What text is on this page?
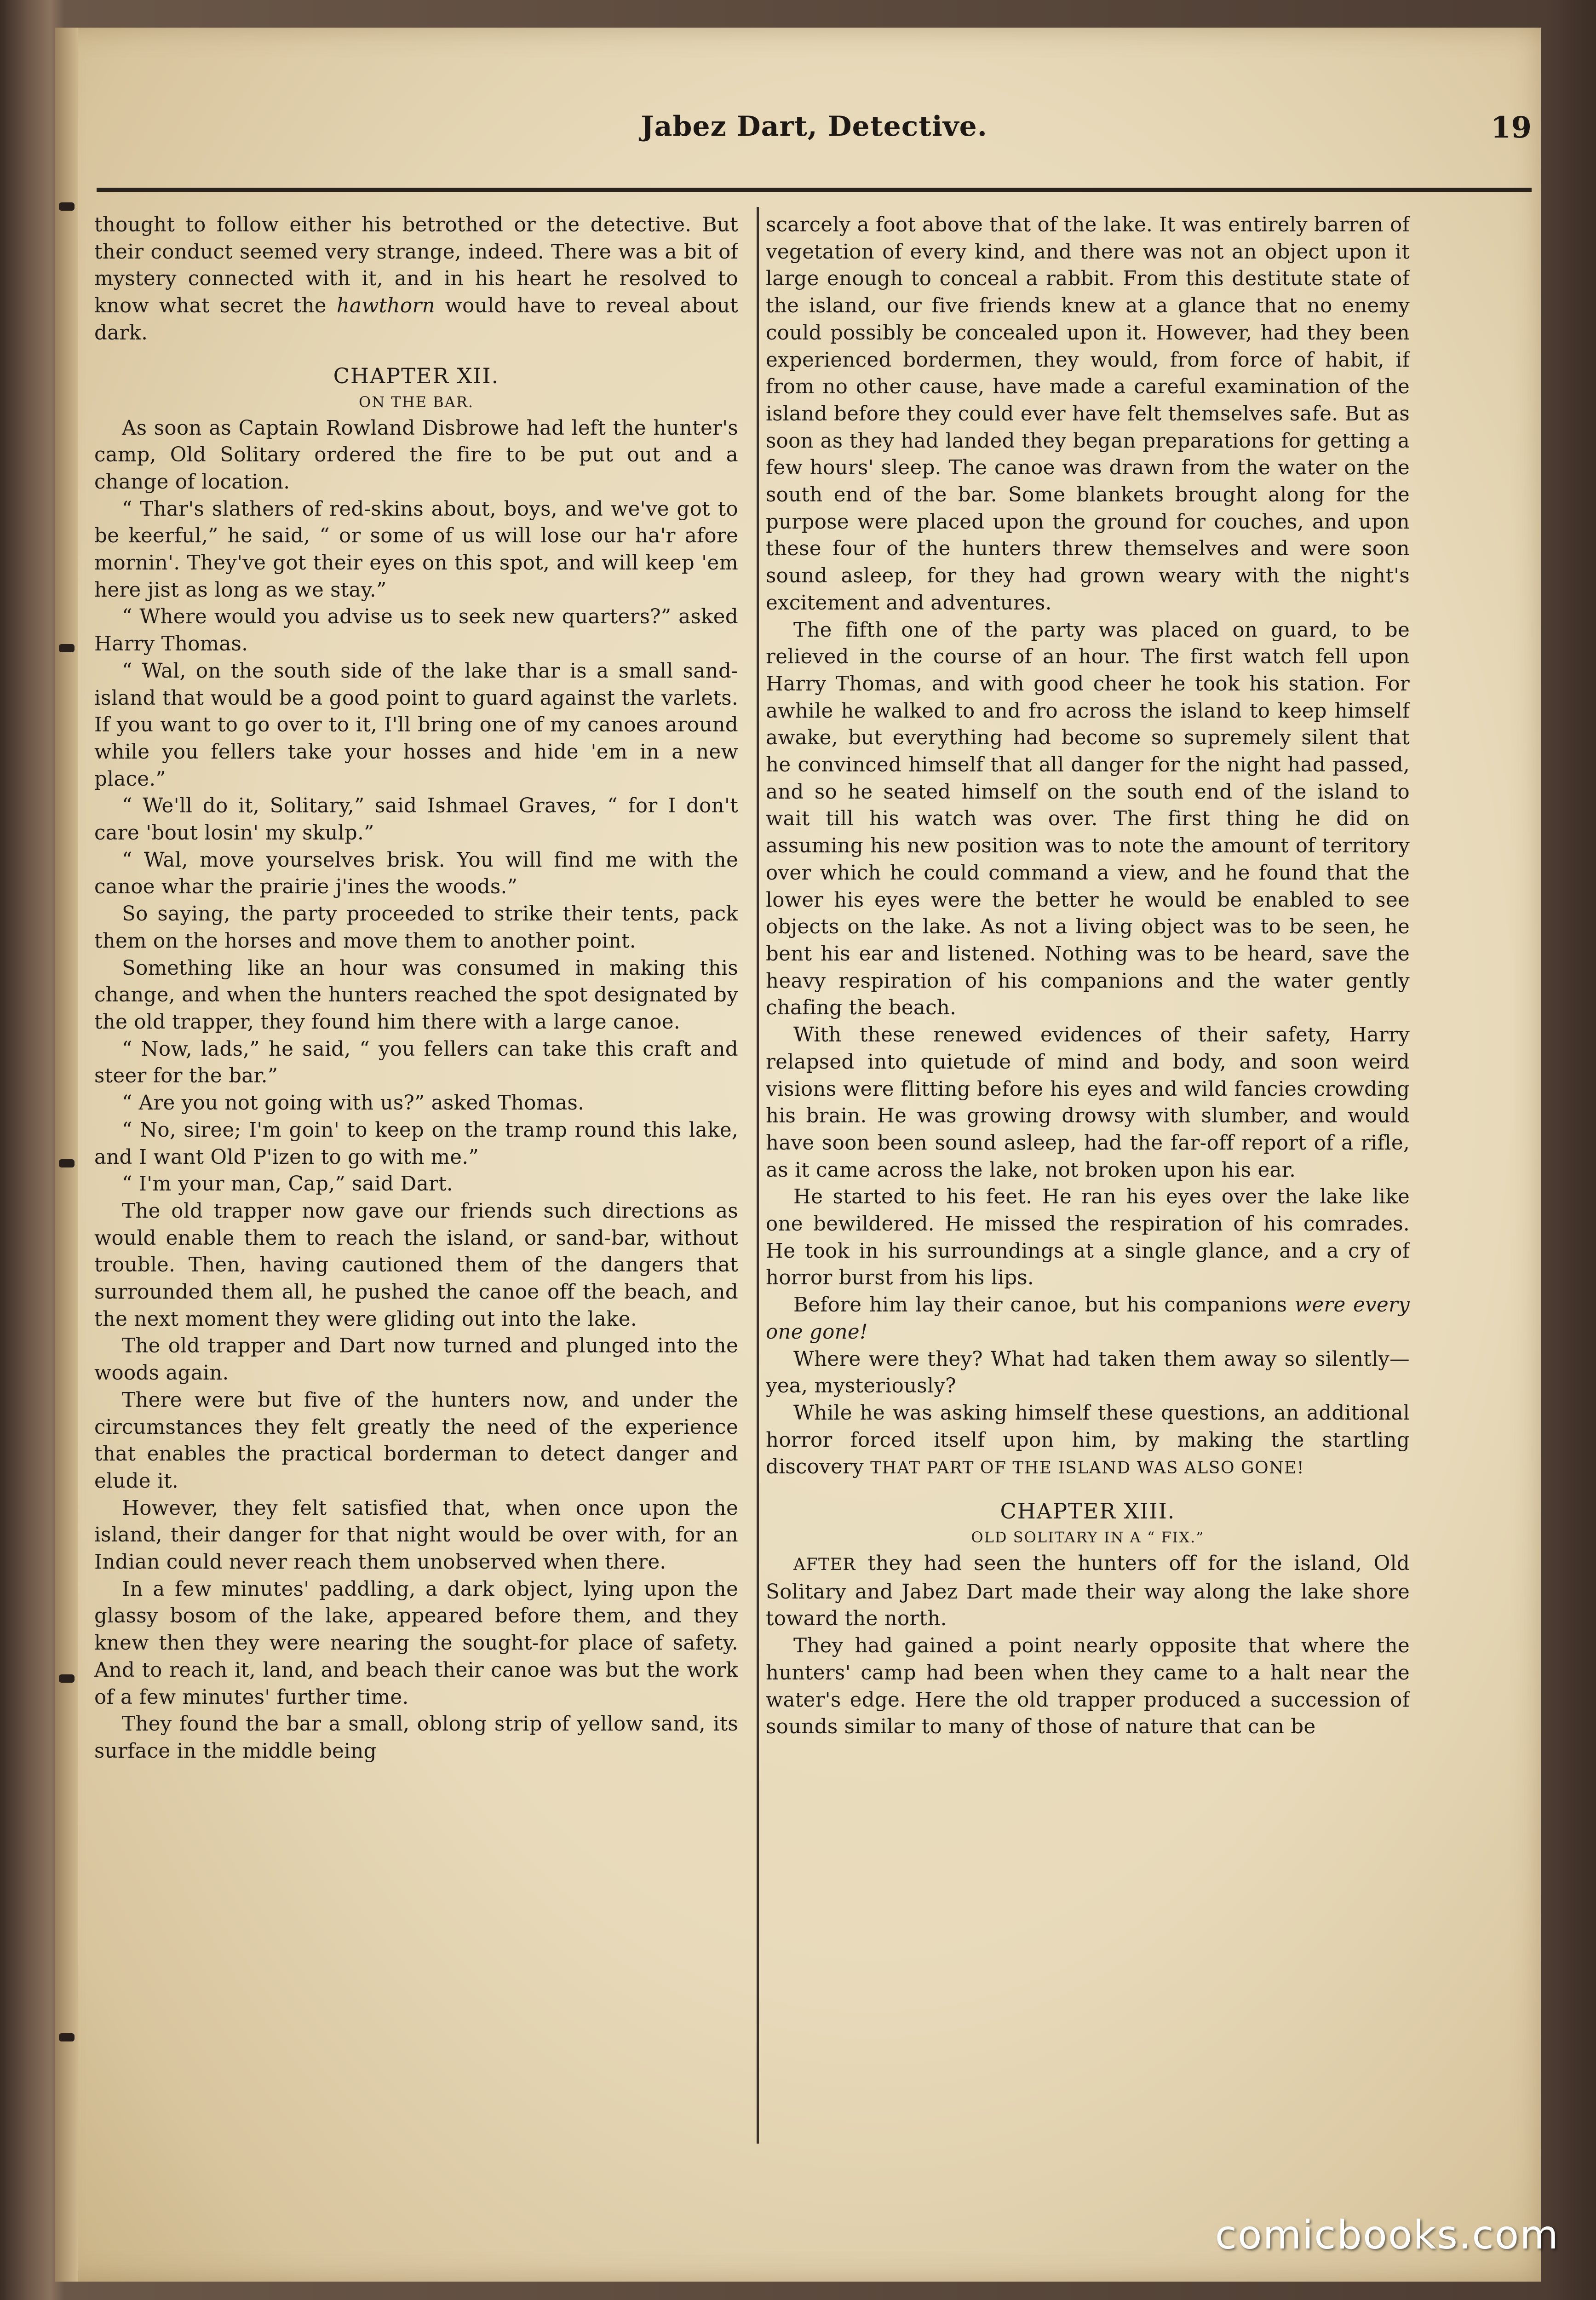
Jabez Dart, Detective.	19

thought to follow either his betrothed or the detective. But their conduct seemed very strange, indeed. There was a bit of mystery connected with it, and in his heart he resolved to know what secret the hawthorn would have to reveal about dark.

CHAPTER XII.
ON THE BAR.

As soon as Captain Rowland Disbrowe had left the hunter's camp, Old Solitary ordered the fire to be put out and a change of location.

“ Thar's slathers of red-skins about, boys, and we've got to be keerful,” he said, “ or some of us will lose our ha'r afore mornin'. They've got their eyes on this spot, and will keep 'em here jist as long as we stay.”

“ Where would you advise us to seek new quarters?” asked Harry Thomas.

“ Wal, on the south side of the lake thar is a small sand-island that would be a good point to guard against the varlets. If you want to go over to it, I'll bring one of my canoes around while you fellers take your hosses and hide 'em in a new place.”

“ We'll do it, Solitary,” said Ishmael Graves, “ for I don't care 'bout losin' my skulp.”

“ Wal, move yourselves brisk. You will find me with the canoe whar the prairie j'ines the woods.”

So saying, the party proceeded to strike their tents, pack them on the horses and move them to another point.

Something like an hour was consumed in making this change, and when the hunters reached the spot designated by the old trapper, they found him there with a large canoe.

“ Now, lads,” he said, “ you fellers can take this craft and steer for the bar.”

“ Are you not going with us?” asked Thomas.

“ No, siree; I'm goin' to keep on the tramp round this lake, and I want Old P'izen to go with me.”

“ I'm your man, Cap,” said Dart.

The old trapper now gave our friends such directions as would enable them to reach the island, or sand-bar, without trouble. Then, having cautioned them of the dangers that surrounded them all, he pushed the canoe off the beach, and the next moment they were gliding out into the lake.

The old trapper and Dart now turned and plunged into the woods again.

There were but five of the hunters now, and under the circumstances they felt greatly the need of the experience that enables the practical borderman to detect danger and elude it.

However, they felt satisfied that, when once upon the island, their danger for that night would be over with, for an Indian could never reach them unobserved when there.

In a few minutes' paddling, a dark object, lying upon the glassy bosom of the lake, appeared before them, and they knew then they were nearing the sought-for place of safety. And to reach it, land, and beach their canoe was but the work of a few minutes' further time.

They found the bar a small, oblong strip of yellow sand, its surface in the middle being

scarcely a foot above that of the lake. It was entirely barren of vegetation of every kind, and there was not an object upon it large enough to conceal a rabbit. From this destitute state of the island, our five friends knew at a glance that no enemy could possibly be concealed upon it. However, had they been experienced bordermen, they would, from force of habit, if from no other cause, have made a careful examination of the island before they could ever have felt themselves safe. But as soon as they had landed they began preparations for getting a few hours' sleep. The canoe was drawn from the water on the south end of the bar. Some blankets brought along for the purpose were placed upon the ground for couches, and upon these four of the hunters threw themselves and were soon sound asleep, for they had grown weary with the night's excitement and adventures.

The fifth one of the party was placed on guard, to be relieved in the course of an hour. The first watch fell upon Harry Thomas, and with good cheer he took his station. For awhile he walked to and fro across the island to keep himself awake, but everything had become so supremely silent that he convinced himself that all danger for the night had passed, and so he seated himself on the south end of the island to wait till his watch was over. The first thing he did on assuming his new position was to note the amount of territory over which he could command a view, and he found that the lower his eyes were the better he would be enabled to see objects on the lake. As not a living object was to be seen, he bent his ear and listened. Nothing was to be heard, save the heavy respiration of his companions and the water gently chafing the beach.

With these renewed evidences of their safety, Harry relapsed into quietude of mind and body, and soon weird visions were flitting before his eyes and wild fancies crowding his brain. He was growing drowsy with slumber, and would have soon been sound asleep, had the far-off report of a rifle, as it came across the lake, not broken upon his ear.

He started to his feet. He ran his eyes over the lake like one bewildered. He missed the respiration of his comrades. He took in his surroundings at a single glance, and a cry of horror burst from his lips.

Before him lay their canoe, but his companions were every one gone!

Where were they? What had taken them away so silently—yea, mysteriously?

While he was asking himself these questions, an additional horror forced itself upon him, by making the startling discovery THAT PART OF THE ISLAND WAS ALSO GONE!

CHAPTER XIII.
OLD SOLITARY IN A “ FIX.”

AFTER they had seen the hunters off for the island, Old Solitary and Jabez Dart made their way along the lake shore toward the north.

They had gained a point nearly opposite that where the hunters' camp had been when they came to a halt near the water's edge. Here the old trapper produced a succession of sounds similar to many of those of nature that can be

comicbooks.com
